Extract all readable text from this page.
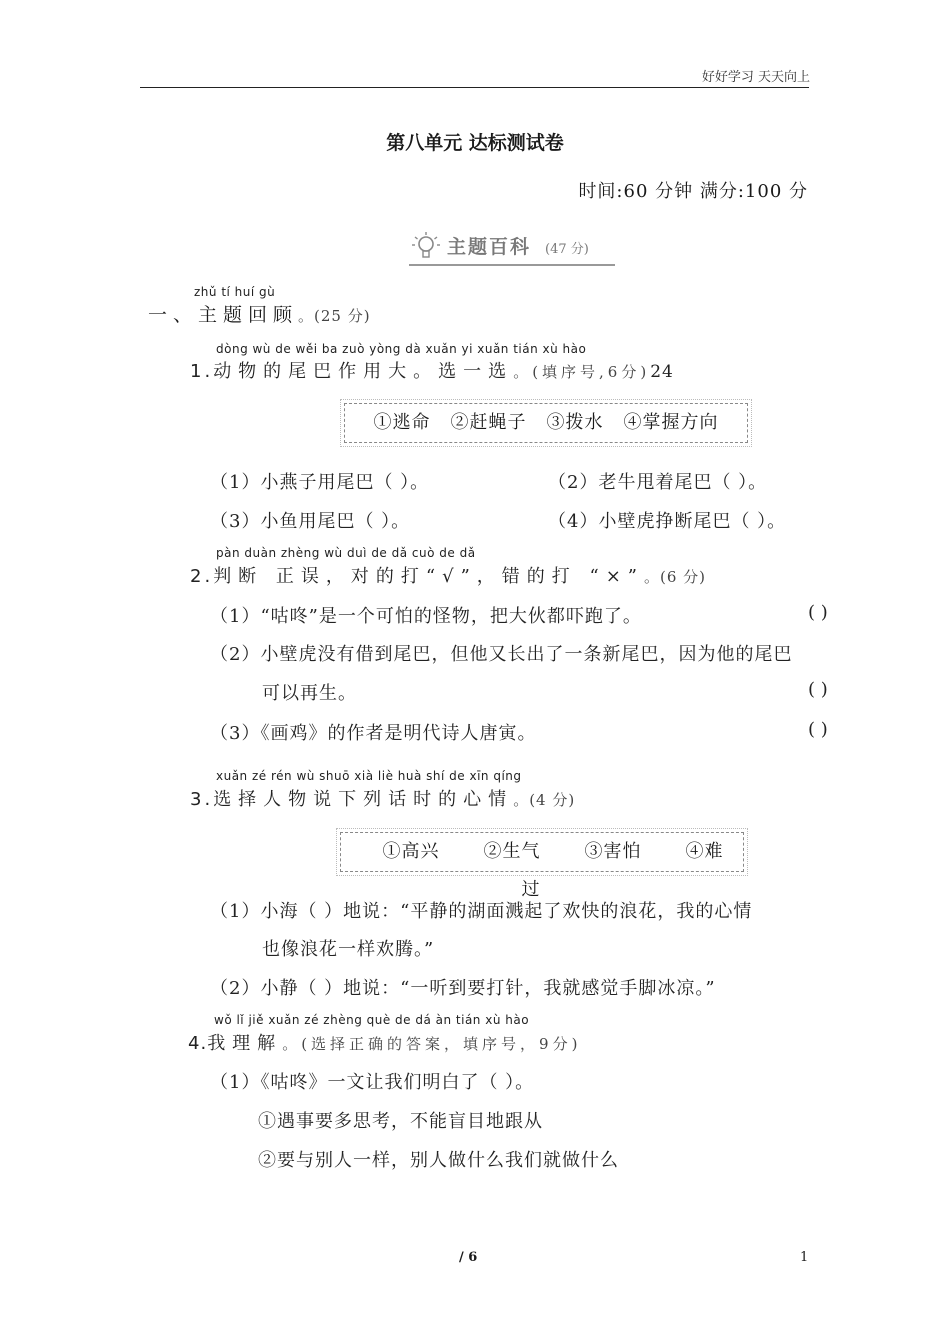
好好学习 天天向上
第八单元 达标测试卷
时间:60 分钟 满分:100 分
主题百科 (47 分)
zhǔ tí huí gù
一、主题回顾。(25 分)
dòng wù de wěi ba zuò yòng dà xuǎn yi xuǎn tián xù hào
1.动物的尾巴作用大。选一选。(填序号,6分)24
①逃命 ②赶蝇子 ③拨水 ④掌握方向
（1）小燕子用尾巴（ ）。	（2）老牛甩着尾巴（ ）。
（3）小鱼用尾巴（ ）。	（4）小壁虎挣断尾巴（ ）。
pàn duàn zhèng wù duì de dǎ cuò de dǎ
2.判断 正误，对的打“√”，错的打 “×”。(6 分)
（1）“咕咚”是一个可怕的怪物，把大伙都吓跑了。	( )
（2）小壁虎没有借到尾巴，但他又长出了一条新尾巴，因为他的尾巴
可以再生。	( )
（3）《画鸡》的作者是明代诗人唐寅。	( )
xuǎn zé rén wù shuō xià liè huà shí de xīn qíng
3.选择人物说下列话时的心情。(4 分)
①高兴 ②生气 ③害怕 ④难过
（1）小海（ ）地说：“平静的湖面溅起了欢快的浪花，我的心情
也像浪花一样欢腾。”
（2）小静（ ）地说：“一听到要打针，我就感觉手脚冰凉。”
wǒ lǐ jiě xuǎn zé zhèng què de dá àn tián xù hào
4.我理解。(选择正确的答案，填序号，9分)
（1）《咕咚》一文让我们明白了（ ）。
①遇事要多思考，不能盲目地跟从
②要与别人一样，别人做什么我们就做什么
/ 6	1
